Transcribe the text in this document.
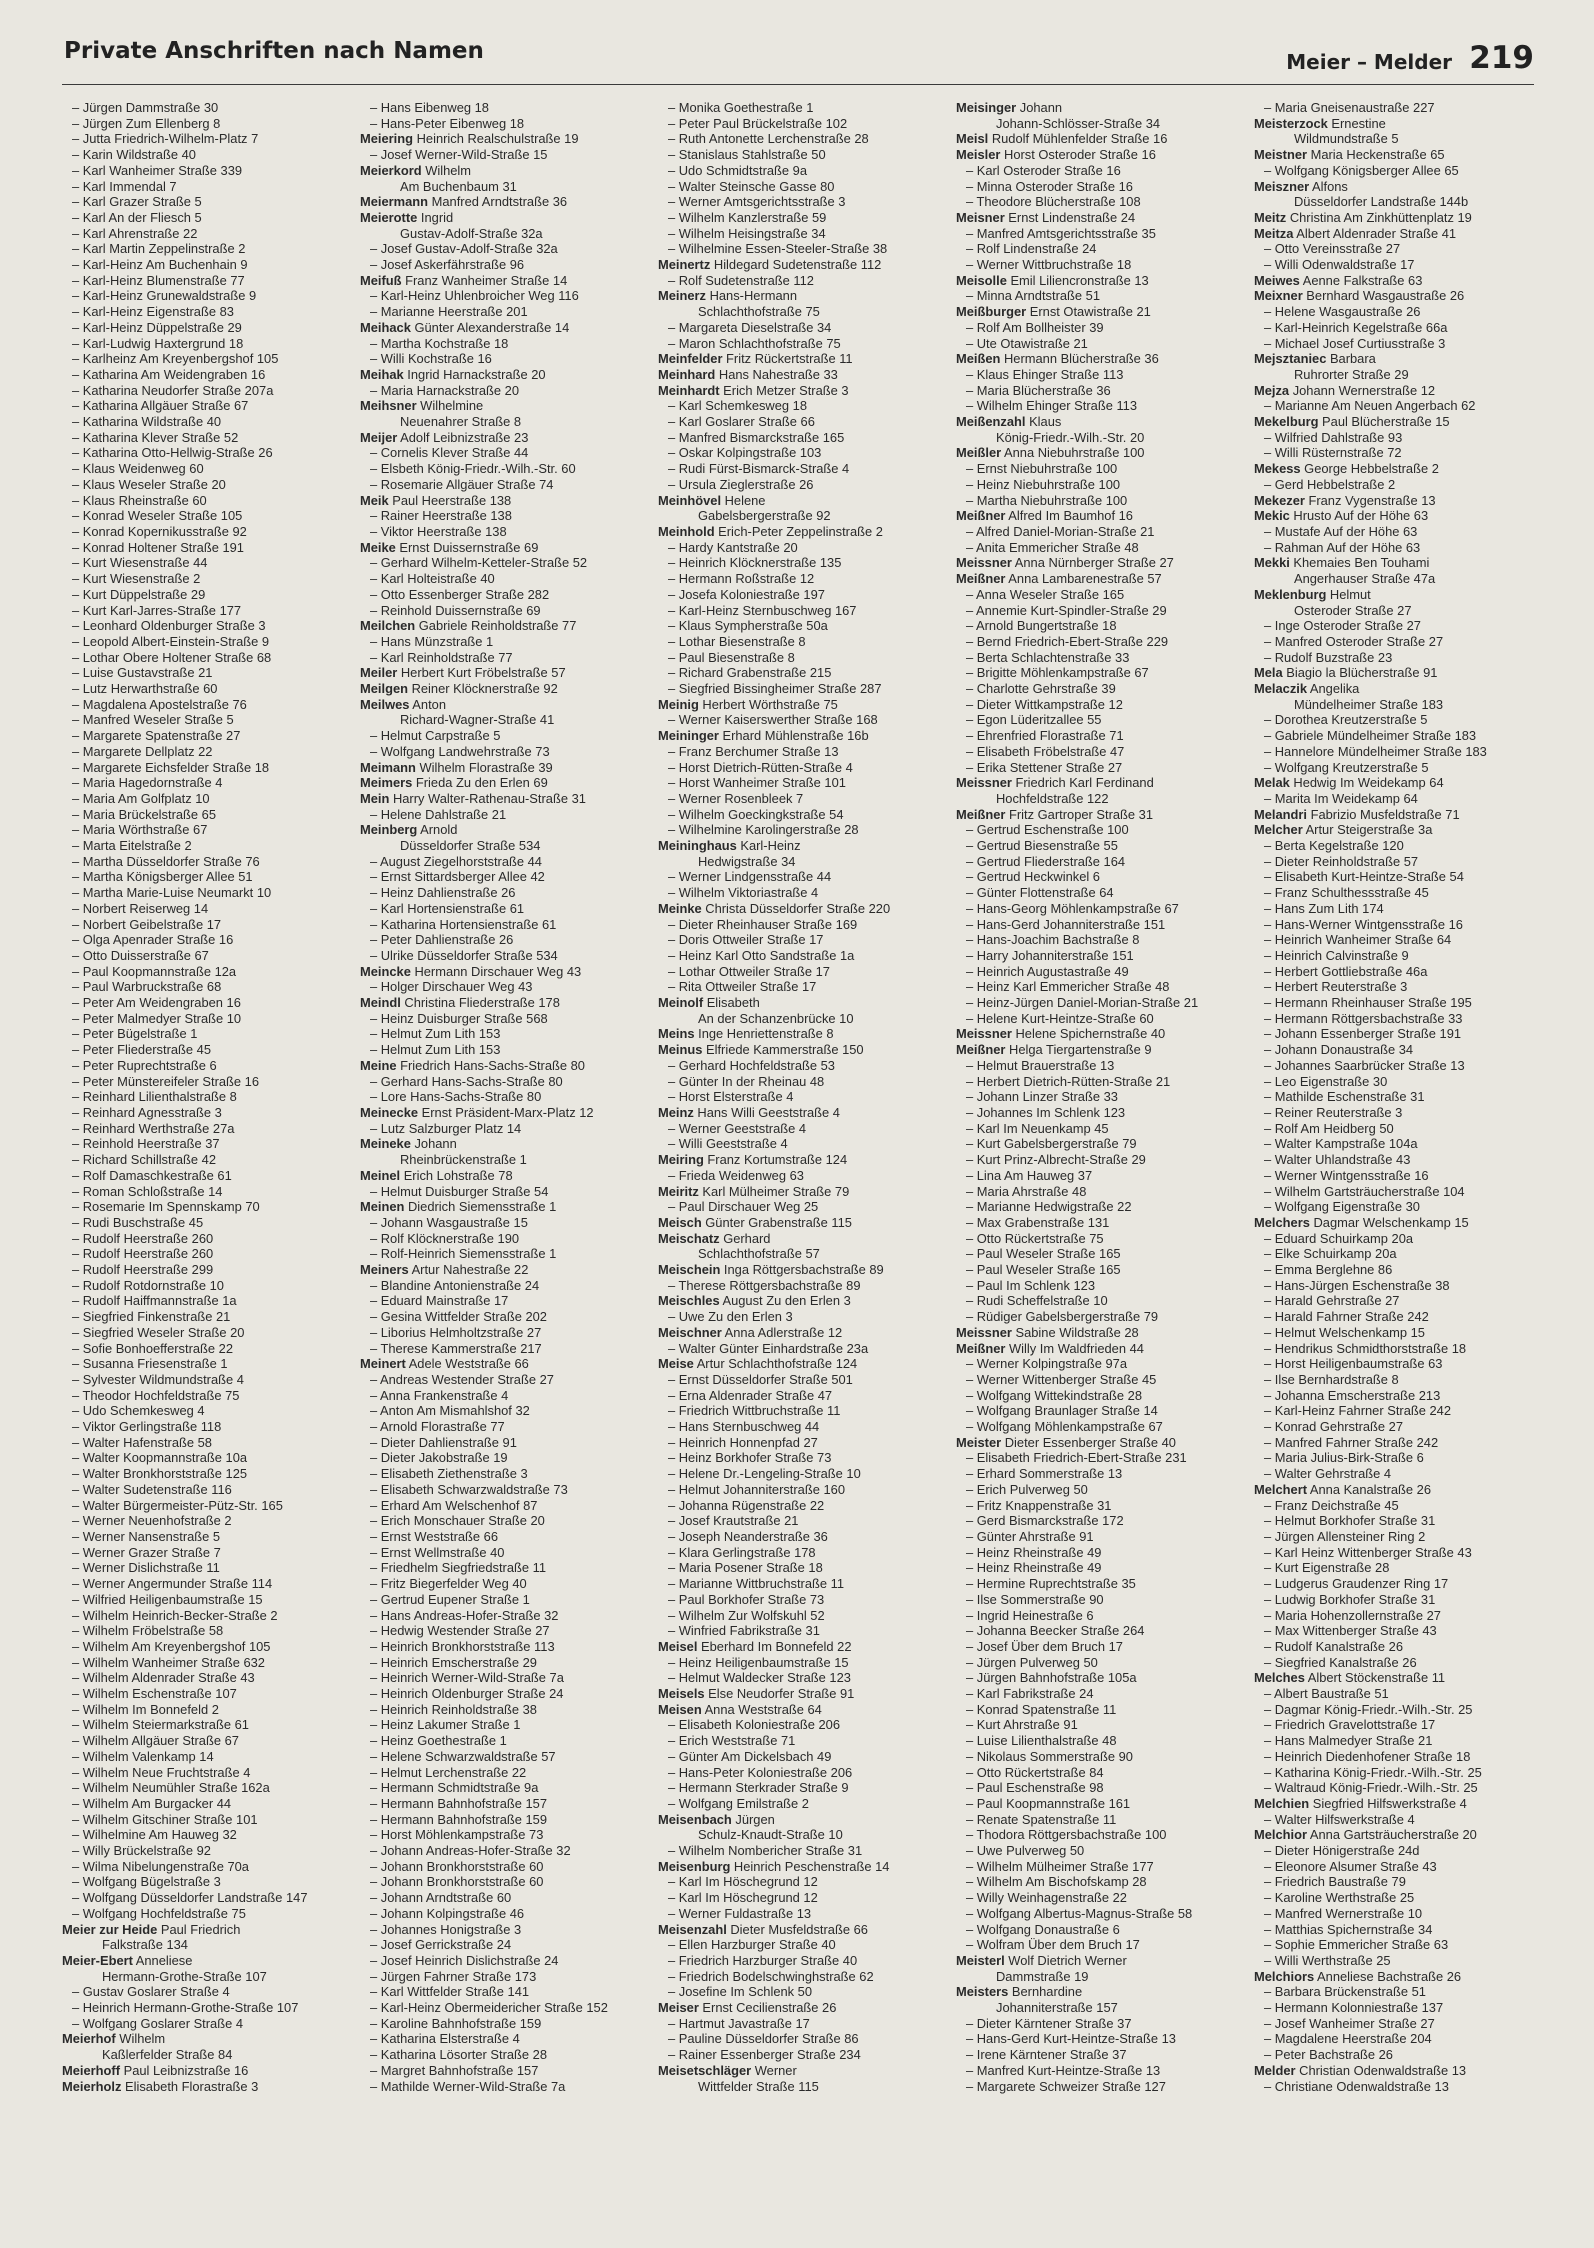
Private Anschriften nach Namen	Meier – Melder 219
– Jürgen Dammstraße 30
– Jürgen Zum Ellenberg 8
– Jutta Friedrich-Wilhelm-Platz 7
– Karin Wildstraße 40
– Karl Wanheimer Straße 339
– Karl Immendal 7
– Karl Grazer Straße 5
– Karl An der Fliesch 5
– Karl Ahrenstraße 22
– Karl Martin Zeppelinstraße 2
– Karl-Heinz Am Buchenhain 9
– Karl-Heinz Blumenstraße 77
– Karl-Heinz Grunewaldstraße 9
– Karl-Heinz Eigenstraße 83
– Karl-Heinz Düppelstraße 29
– Karl-Ludwig Haxtergrund 18
– Karlheinz Am Kreyenbergshof 105
– Katharina Am Weidengraben 16
– Katharina Neudorfer Straße 207a
– Katharina Allgäuer Straße 67
– Katharina Wildstraße 40
– Katharina Klever Straße 52
– Katharina Otto-Hellwig-Straße 26
– Klaus Weidenweg 60
– Klaus Weseler Straße 20
– Klaus Rheinstraße 60
– Konrad Weseler Straße 105
– Konrad Kopernikusstraße 92
– Konrad Holtener Straße 191
– Kurt Wiesenstraße 44
– Kurt Wiesenstraße 2
– Kurt Düppelstraße 29
– Kurt Karl-Jarres-Straße 177
– Leonhard Oldenburger Straße 3
– Leopold Albert-Einstein-Straße 9
– Lothar Obere Holtener Straße 68
– Luise Gustavstraße 21
– Lutz Herwarthstraße 60
– Magdalena Apostelstraße 76
– Manfred Weseler Straße 5
– Margarete Spatenstraße 27
– Margarete Dellplatz 22
– Margarete Eichsfelder Straße 18
– Maria Hagedornstraße 4
– Maria Am Golfplatz 10
– Maria Brückelstraße 65
– Maria Wörthstraße 67
– Marta Eitelstraße 2
– Martha Düsseldorfer Straße 76
– Martha Königsberger Allee 51
– Martha Marie-Luise Neumarkt 10
– Norbert Reiserweg 14
– Norbert Geibelstraße 17
– Olga Apenrader Straße 16
– Otto Duisserstraße 67
– Paul Koopmannstraße 12a
– Paul Warbruckstraße 68
– Peter Am Weidengraben 16
– Peter Malmedyer Straße 10
– Peter Bügelstraße 1
– Peter Fliederstraße 45
– Peter Ruprechtstraße 6
– Peter Münstereifeler Straße 16
– Reinhard Lilienthalstraße 8
– Reinhard Agnesstraße 3
– Reinhard Werthstraße 27a
– Reinhold Heerstraße 37
– Richard Schillstraße 42
– Rolf Damaschkestraße 61
– Roman Schloßstraße 14
– Rosemarie Im Spennskamp 70
– Rudi Buschstraße 45
– Rudolf Heerstraße 260
– Rudolf Heerstraße 260
– Rudolf Heerstraße 299
– Rudolf Rotdornstraße 10
– Rudolf Haiffmannstraße 1a
– Siegfried Finkenstraße 21
– Siegfried Weseler Straße 20
– Sofie Bonhoefferstraße 22
– Susanna Friesenstraße 1
– Sylvester Wildmundstraße 4
– Theodor Hochfeldstraße 75
– Udo Schemkesweg 4
– Viktor Gerlingstraße 118
– Walter Hafenstraße 58
– Walter Koopmannstraße 10a
– Walter Bronkhorststraße 125
– Walter Sudetenstraße 116
– Walter Bürgermeister-Pütz-Str. 165
– Werner Neuenhofstraße 2
– Werner Nansenstraße 5
– Werner Grazer Straße 7
– Werner Dislichstraße 11
– Werner Angermunder Straße 114
– Wilfried Heiligenbaumstraße 15
– Wilhelm Heinrich-Becker-Straße 2
– Wilhelm Fröbelstraße 58
– Wilhelm Am Kreyenbergshof 105
– Wilhelm Wanheimer Straße 632
– Wilhelm Aldenrader Straße 43
– Wilhelm Eschenstraße 107
– Wilhelm Im Bonnefeld 2
– Wilhelm Steiermarkstraße 61
– Wilhelm Allgäuer Straße 67
– Wilhelm Valenkamp 14
– Wilhelm Neue Fruchtstraße 4
– Wilhelm Neumühler Straße 162a
– Wilhelm Am Burgacker 44
– Wilhelm Gitschiner Straße 101
– Wilhelmine Am Hauweg 32
– Willy Brückelstraße 92
– Wilma Nibelungenstraße 70a
– Wolfgang Bügelstraße 3
– Wolfgang Düsseldorfer Landstraße 147
– Wolfgang Hochfeldstraße 75
Meier zur Heide Paul Friedrich
Falkstraße 134
Meier-Ebert Anneliese
Hermann-Grothe-Straße 107
– Gustav Goslarer Straße 4
– Heinrich Hermann-Grothe-Straße 107
– Wolfgang Goslarer Straße 4
Meierhof Wilhelm
Kaßlerfelder Straße 84
Meierhoff Paul Leibnizstraße 16
Meierholz Elisabeth Florastraße 3
– Hans Eibenweg 18
– Hans-Peter Eibenweg 18
Meiering Heinrich Realschulstraße 19
– Josef Werner-Wild-Straße 15
Meierkord Wilhelm
Am Buchenbaum 31
Meiermann Manfred Arndtstraße 36
Meierotte Ingrid
Gustav-Adolf-Straße 32a
– Josef Gustav-Adolf-Straße 32a
– Josef Askerfährstraße 96
Meifuß Franz Wanheimer Straße 14
– Karl-Heinz Uhlenbroicher Weg 116
– Marianne Heerstraße 201
Meihack Günter Alexanderstraße 14
– Martha Kochstraße 18
– Willi Kochstraße 16
Meihak Ingrid Harnackstraße 20
– Maria Harnackstraße 20
Meihsner Wilhelmine
Neuenahrer Straße 8
Meijer Adolf Leibnizstraße 23
– Cornelis Klever Straße 44
– Elsbeth König-Friedr.-Wilh.-Str. 60
– Rosemarie Allgäuer Straße 74
Meik Paul Heerstraße 138
– Rainer Heerstraße 138
– Viktor Heerstraße 138
Meike Ernst Duissernstraße 69
– Gerhard Wilhelm-Ketteler-Straße 52
– Karl Holteistraße 40
– Otto Essenberger Straße 282
– Reinhold Duissernstraße 69
Meilchen Gabriele Reinholdstraße 77
– Hans Münzstraße 1
– Karl Reinholdstraße 77
Meiler Herbert Kurt Fröbelstraße 57
Meilgen Reiner Klöcknerstraße 92
Meilwes Anton
Richard-Wagner-Straße 41
– Helmut Carpstraße 5
– Wolfgang Landwehrstraße 73
Meimann Wilhelm Florastraße 39
Meimers Frieda Zu den Erlen 69
Mein Harry Walter-Rathenau-Straße 31
– Helene Dahlstraße 21
Meinberg Arnold
Düsseldorfer Straße 534
– August Ziegelhorststraße 44
– Ernst Sittardsberger Allee 42
– Heinz Dahlienstraße 26
– Karl Hortensienstraße 61
– Katharina Hortensienstraße 61
– Peter Dahlienstraße 26
– Ulrike Düsseldorfer Straße 534
Meincke Hermann Dirschauer Weg 43
– Holger Dirschauer Weg 43
Meindl Christina Fliederstraße 178
– Heinz Duisburger Straße 568
– Helmut Zum Lith 153
– Helmut Zum Lith 153
Meine Friedrich Hans-Sachs-Straße 80
– Gerhard Hans-Sachs-Straße 80
– Lore Hans-Sachs-Straße 80
Meinecke Ernst Präsident-Marx-Platz 12
– Lutz Salzburger Platz 14
Meineke Johann
Rheinbrückenstraße 1
Meinel Erich Lohstraße 78
– Helmut Duisburger Straße 54
Meinen Diedrich Siemensstraße 1
– Johann Wasgaustraße 15
– Rolf Klöcknerstraße 190
– Rolf-Heinrich Siemensstraße 1
Meiners Artur Nahestraße 22
– Blandine Antonienstraße 24
– Eduard Mainstraße 17
– Gesina Wittfelder Straße 202
– Liborius Helmholtzstraße 27
– Therese Kammerstraße 217
Meinert Adele Weststraße 66
– Andreas Westender Straße 27
– Anna Frankenstraße 4
– Anton Am Mismahlshof 32
– Arnold Florastraße 77
– Dieter Dahlienstraße 91
– Dieter Jakobstraße 19
– Elisabeth Ziethenstraße 3
– Elisabeth Schwarzwaldstraße 73
– Erhard Am Welschenhof 87
– Erich Monschauer Straße 20
– Ernst Weststraße 66
– Ernst Wellmstraße 40
– Friedhelm Siegfriedstraße 11
– Fritz Biegerfelder Weg 40
– Gertrud Eupener Straße 1
– Hans Andreas-Hofer-Straße 32
– Hedwig Westender Straße 27
– Heinrich Bronkhorststraße 113
– Heinrich Emscherstraße 29
– Heinrich Werner-Wild-Straße 7a
– Heinrich Oldenburger Straße 24
– Heinrich Reinholdstraße 38
– Heinz Lakumer Straße 1
– Heinz Goethestraße 1
– Helene Schwarzwaldstraße 57
– Helmut Lerchenstraße 22
– Hermann Schmidtstraße 9a
– Hermann Bahnhofstraße 157
– Hermann Bahnhofstraße 159
– Horst Möhlenkampstraße 73
– Johann Andreas-Hofer-Straße 32
– Johann Bronkhorststraße 60
– Johann Bronkhorststraße 60
– Johann Arndtstraße 60
– Johann Kolpingstraße 46
– Johannes Honigstraße 3
– Josef Gerrickstraße 24
– Josef Heinrich Dislichstraße 24
– Jürgen Fahrner Straße 173
– Karl Wittfelder Straße 141
– Karl-Heinz Obermeidericher Straße 152
– Karoline Bahnhofstraße 159
– Katharina Elsterstraße 4
– Katharina Lösorter Straße 28
– Margret Bahnhofstraße 157
– Mathilde Werner-Wild-Straße 7a
– Monika Goethestraße 1
– Peter Paul Brückelstraße 102
– Ruth Antonette Lerchenstraße 28
– Stanislaus Stahlstraße 50
– Udo Schmidtstraße 9a
– Walter Steinsche Gasse 80
– Werner Amtsgerichtsstraße 3
– Wilhelm Kanzlerstraße 59
– Wilhelm Heisingstraße 34
– Wilhelmine Essen-Steeler-Straße 38
Meinertz Hildegard Sudetenstraße 112
– Rolf Sudetenstraße 112
Meinerz Hans-Hermann
Schlachthofstraße 75
– Margareta Dieselstraße 34
– Maron Schlachthofstraße 75
Meinfelder Fritz Rückertstraße 11
Meinhard Hans Nahestraße 33
Meinhardt Erich Metzer Straße 3
– Karl Schemkesweg 18
– Karl Goslarer Straße 66
– Manfred Bismarckstraße 165
– Oskar Kolpingstraße 103
– Rudi Fürst-Bismarck-Straße 4
– Ursula Zieglerstraße 26
Meinhövel Helene
Gabelsbergerstraße 92
Meinhold Erich-Peter Zeppelinstraße 2
– Hardy Kantstraße 20
– Heinrich Klöcknerstraße 135
– Hermann Roßstraße 12
– Josefa Koloniestraße 197
– Karl-Heinz Sternbuschweg 167
– Klaus Sympherstraße 50a
– Lothar Biesenstraße 8
– Paul Biesenstraße 8
– Richard Grabenstraße 215
– Siegfried Bissingheimer Straße 287
Meinig Herbert Wörthstraße 75
– Werner Kaiserswerther Straße 168
Meininger Erhard Mühlenstraße 16b
– Franz Berchumer Straße 13
– Horst Dietrich-Rütten-Straße 4
– Horst Wanheimer Straße 101
– Werner Rosenbleek 7
– Wilhelm Goeckingkstraße 54
– Wilhelmine Karolingerstraße 28
Meininghaus Karl-Heinz
Hedwigstraße 34
– Werner Lindgensstraße 44
– Wilhelm Viktoriastraße 4
Meinke Christa Düsseldorfer Straße 220
– Dieter Rheinhauser Straße 169
– Doris Ottweiler Straße 17
– Heinz Karl Otto Sandstraße 1a
– Lothar Ottweiler Straße 17
– Rita Ottweiler Straße 17
Meinolf Elisabeth
An der Schanzenbrücke 10
Meins Inge Henriettenstraße 8
Meinus Elfriede Kammerstraße 150
– Gerhard Hochfeldstraße 53
– Günter In der Rheinau 48
– Horst Elsterstraße 4
Meinz Hans Willi Geeststraße 4
– Werner Geeststraße 4
– Willi Geeststraße 4
Meiring Franz Kortumstraße 124
– Frieda Weidenweg 63
Meiritz Karl Mülheimer Straße 79
– Paul Dirschauer Weg 25
Meisch Günter Grabenstraße 115
Meischatz Gerhard
Schlachthofstraße 57
Meischein Inga Röttgersbachstraße 89
– Therese Röttgersbachstraße 89
Meischles August Zu den Erlen 3
– Uwe Zu den Erlen 3
Meischner Anna Adlerstraße 12
– Walter Günter Einhardstraße 23a
Meise Artur Schlachthofstraße 124
– Ernst Düsseldorfer Straße 501
– Erna Aldenrader Straße 47
– Friedrich Wittbruchstraße 11
– Hans Sternbuschweg 44
– Heinrich Honnenpfad 27
– Heinz Borkhofer Straße 73
– Helene Dr.-Lengeling-Straße 10
– Helmut Johanniterstraße 160
– Johanna Rügenstraße 22
– Josef Krautstraße 21
– Joseph Neanderstraße 36
– Klara Gerlingstraße 178
– Maria Posener Straße 18
– Marianne Wittbruchstraße 11
– Paul Borkhofer Straße 73
– Wilhelm Zur Wolfskuhl 52
– Winfried Fabrikstraße 31
Meisel Eberhard Im Bonnefeld 22
– Heinz Heiligenbaumstraße 15
– Helmut Waldecker Straße 123
Meisels Else Neudorfer Straße 91
Meisen Anna Weststraße 64
– Elisabeth Koloniestraße 206
– Erich Weststraße 71
– Günter Am Dickelsbach 49
– Hans-Peter Koloniestraße 206
– Hermann Sterkrader Straße 9
– Wolfgang Emilstraße 2
Meisenbach Jürgen
Schulz-Knaudt-Straße 10
– Wilhelm Nombericher Straße 31
Meisenburg Heinrich Peschenstraße 14
– Karl Im Höschegrund 12
– Karl Im Höschegrund 12
– Werner Fuldastraße 13
Meisenzahl Dieter Musfeldstraße 66
– Ellen Harzburger Straße 40
– Friedrich Harzburger Straße 40
– Friedrich Bodelschwinghstraße 62
– Josefine Im Schlenk 50
Meiser Ernst Cecilienstraße 26
– Hartmut Javastraße 17
– Pauline Düsseldorfer Straße 86
– Rainer Essenberger Straße 234
Meisetschläger Werner
Wittfelder Straße 115
Meisinger Johann
Johann-Schlösser-Straße 34
Meisl Rudolf Mühlenfelder Straße 16
Meisler Horst Osteroder Straße 16
– Karl Osteroder Straße 16
– Minna Osteroder Straße 16
– Theodore Blücherstraße 108
Meisner Ernst Lindenstraße 24
– Manfred Amtsgerichtsstraße 35
– Rolf Lindenstraße 24
– Werner Wittbruchstraße 18
Meisolle Emil Liliencronstraße 13
– Minna Arndtstraße 51
Meißburger Ernst Otawistraße 21
– Rolf Am Bollheister 39
– Ute Otawistraße 21
Meißen Hermann Blücherstraße 36
– Klaus Ehinger Straße 113
– Maria Blücherstraße 36
– Wilhelm Ehinger Straße 113
Meißenzahl Klaus
König-Friedr.-Wilh.-Str. 20
Meißler Anna Niebuhrstraße 100
– Ernst Niebuhrstraße 100
– Heinz Niebuhrstraße 100
– Martha Niebuhrstraße 100
Meißner Alfred Im Baumhof 16
– Alfred Daniel-Morian-Straße 21
– Anita Emmericher Straße 48
Meissner Anna Nürnberger Straße 27
Meißner Anna Lambarenestraße 57
– Anna Weseler Straße 165
– Annemie Kurt-Spindler-Straße 29
– Arnold Bungertstraße 18
– Bernd Friedrich-Ebert-Straße 229
– Berta Schlachtenstraße 33
– Brigitte Möhlenkampstraße 67
– Charlotte Gehrstraße 39
– Dieter Wittkampstraße 12
– Egon Lüderitzallee 55
– Ehrenfried Florastraße 71
– Elisabeth Fröbelstraße 47
– Erika Stettener Straße 27
Meissner Friedrich Karl Ferdinand
Hochfeldstraße 122
Meißner Fritz Gartroper Straße 31
– Gertrud Eschenstraße 100
– Gertrud Biesenstraße 55
– Gertrud Fliederstraße 164
– Gertrud Heckwinkel 6
– Günter Flottenstraße 64
– Hans-Georg Möhlenkampstraße 67
– Hans-Gerd Johanniterstraße 151
– Hans-Joachim Bachstraße 8
– Harry Johanniterstraße 151
– Heinrich Augustastraße 49
– Heinz Karl Emmericher Straße 48
– Heinz-Jürgen Daniel-Morian-Straße 21
– Helene Kurt-Heintze-Straße 60
Meissner Helene Spichernstraße 40
Meißner Helga Tiergartenstraße 9
– Helmut Brauerstraße 13
– Herbert Dietrich-Rütten-Straße 21
– Johann Linzer Straße 33
– Johannes Im Schlenk 123
– Karl Im Neuenkamp 45
– Kurt Gabelsbergerstraße 79
– Kurt Prinz-Albrecht-Straße 29
– Lina Am Hauweg 37
– Maria Ahrstraße 48
– Marianne Hedwigstraße 22
– Max Grabenstraße 131
– Otto Rückertstraße 75
– Paul Weseler Straße 165
– Paul Weseler Straße 165
– Paul Im Schlenk 123
– Rudi Scheffelstraße 10
– Rüdiger Gabelsbergerstraße 79
Meissner Sabine Wildstraße 28
Meißner Willy Im Waldfrieden 44
– Werner Kolpingstraße 97a
– Werner Wittenberger Straße 45
– Wolfgang Wittekindstraße 28
– Wolfgang Braunlager Straße 14
– Wolfgang Möhlenkampstraße 67
Meister Dieter Essenberger Straße 40
– Elisabeth Friedrich-Ebert-Straße 231
– Erhard Sommerstraße 13
– Erich Pulverweg 50
– Fritz Knappenstraße 31
– Gerd Bismarckstraße 172
– Günter Ahrstraße 91
– Heinz Rheinstraße 49
– Heinz Rheinstraße 49
– Hermine Ruprechtstraße 35
– Ilse Sommerstraße 90
– Ingrid Heinestraße 6
– Johanna Beecker Straße 264
– Josef Über dem Bruch 17
– Jürgen Pulverweg 50
– Jürgen Bahnhofstraße 105a
– Karl Fabrikstraße 24
– Konrad Spatenstraße 11
– Kurt Ahrstraße 91
– Luise Lilienthalstraße 48
– Nikolaus Sommerstraße 90
– Otto Rückertstraße 84
– Paul Eschenstraße 98
– Paul Koopmannstraße 161
– Renate Spatenstraße 11
– Thodora Röttgersbachstraße 100
– Uwe Pulverweg 50
– Wilhelm Mülheimer Straße 177
– Wilhelm Am Bischofskamp 28
– Willy Weinhagenstraße 22
– Wolfgang Albertus-Magnus-Straße 58
– Wolfgang Donaustraße 6
– Wolfram Über dem Bruch 17
Meisterl Wolf Dietrich Werner
Dammstraße 19
Meisters Bernhardine
Johanniterstraße 157
– Dieter Kärntener Straße 37
– Hans-Gerd Kurt-Heintze-Straße 13
– Irene Kärntener Straße 37
– Manfred Kurt-Heintze-Straße 13
– Margarete Schweizer Straße 127
– Maria Gneisenaustraße 227
Meisterzock Ernestine
Wildmundstraße 5
Meistner Maria Heckenstraße 65
– Wolfgang Königsberger Allee 65
Meiszner Alfons
Düsseldorfer Landstraße 144b
Meitz Christina Am Zinkhüttenplatz 19
Meitza Albert Aldenrader Straße 41
– Otto Vereinsstraße 27
– Willi Odenwaldstraße 17
Meiwes Aenne Falkstraße 63
Meixner Bernhard Wasgaustraße 26
– Helene Wasgaustraße 26
– Karl-Heinrich Kegelstraße 66a
– Michael Josef Curtiusstraße 3
Mejsztaniec Barbara
Ruhrorter Straße 29
Mejza Johann Wernerstraße 12
– Marianne Am Neuen Angerbach 62
Mekelburg Paul Blücherstraße 15
– Wilfried Dahlstraße 93
– Willi Rüsternstraße 72
Mekess George Hebbelstraße 2
– Gerd Hebbelstraße 2
Mekezer Franz Vygenstraße 13
Mekic Hrusto Auf der Höhe 63
– Mustafe Auf der Höhe 63
– Rahman Auf der Höhe 63
Mekki Khemaies Ben Touhami
Angerhauser Straße 47a
Meklenburg Helmut
Osteroder Straße 27
– Inge Osteroder Straße 27
– Manfred Osteroder Straße 27
– Rudolf Buzstraße 23
Mela Biagio la Blücherstraße 91
Melaczik Angelika
Mündelheimer Straße 183
– Dorothea Kreutzerstraße 5
– Gabriele Mündelheimer Straße 183
– Hannelore Mündelheimer Straße 183
– Wolfgang Kreutzerstraße 5
Melak Hedwig Im Weidekamp 64
– Marita Im Weidekamp 64
Melandri Fabrizio Musfeldstraße 71
Melcher Artur Steigerstraße 3a
– Berta Kegelstraße 120
– Dieter Reinholdstraße 57
– Elisabeth Kurt-Heintze-Straße 54
– Franz Schulthessstraße 45
– Hans Zum Lith 174
– Hans-Werner Wintgensstraße 16
– Heinrich Wanheimer Straße 64
– Heinrich Calvinstraße 9
– Herbert Gottliebstraße 46a
– Herbert Reuterstraße 3
– Hermann Rheinhauser Straße 195
– Hermann Röttgersbachstraße 33
– Johann Essenberger Straße 191
– Johann Donaustraße 34
– Johannes Saarbrücker Straße 13
– Leo Eigenstraße 30
– Mathilde Eschenstraße 31
– Reiner Reuterstraße 3
– Rolf Am Heidberg 50
– Walter Kampstraße 104a
– Walter Uhlandstraße 43
– Werner Wintgensstraße 16
– Wilhelm Gartsträucherstraße 104
– Wolfgang Eigenstraße 30
Melchers Dagmar Welschenkamp 15
– Eduard Schuirkamp 20a
– Elke Schuirkamp 20a
– Emma Berglehne 86
– Hans-Jürgen Eschenstraße 38
– Harald Gehrstraße 27
– Harald Fahrner Straße 242
– Helmut Welschenkamp 15
– Hendrikus Schmidthorststraße 18
– Horst Heiligenbaumstraße 63
– Ilse Bernhardstraße 8
– Johanna Emscherstraße 213
– Karl-Heinz Fahrner Straße 242
– Konrad Gehrstraße 27
– Manfred Fahrner Straße 242
– Maria Julius-Birk-Straße 6
– Walter Gehrstraße 4
Melchert Anna Kanalstraße 26
– Franz Deichstraße 45
– Helmut Borkhofer Straße 31
– Jürgen Allensteiner Ring 2
– Karl Heinz Wittenberger Straße 43
– Kurt Eigenstraße 28
– Ludgerus Graudenzer Ring 17
– Ludwig Borkhofer Straße 31
– Maria Hohenzollernstraße 27
– Max Wittenberger Straße 43
– Rudolf Kanalstraße 26
– Siegfried Kanalstraße 26
Melches Albert Stöckenstraße 11
– Albert Baustraße 51
– Dagmar König-Friedr.-Wilh.-Str. 25
– Friedrich Gravelottstraße 17
– Hans Malmedyer Straße 21
– Heinrich Diedenhofener Straße 18
– Katharina König-Friedr.-Wilh.-Str. 25
– Waltraud König-Friedr.-Wilh.-Str. 25
Melchien Siegfried Hilfswerkstraße 4
– Walter Hilfswerkstraße 4
Melchior Anna Gartsträucherstraße 20
– Dieter Hönigerstraße 24d
– Eleonore Alsumer Straße 43
– Friedrich Baustraße 79
– Karoline Werthstraße 25
– Manfred Wernerstraße 10
– Matthias Spichernstraße 34
– Sophie Emmericher Straße 63
– Willi Werthstraße 25
Melchiors Anneliese Bachstraße 26
– Barbara Brückenstraße 51
– Hermann Kolonniestraße 137
– Josef Wanheimer Straße 27
– Magdalene Heerstraße 204
– Peter Bachstraße 26
Melder Christian Odenwaldstraße 13
– Christiane Odenwaldstraße 13
